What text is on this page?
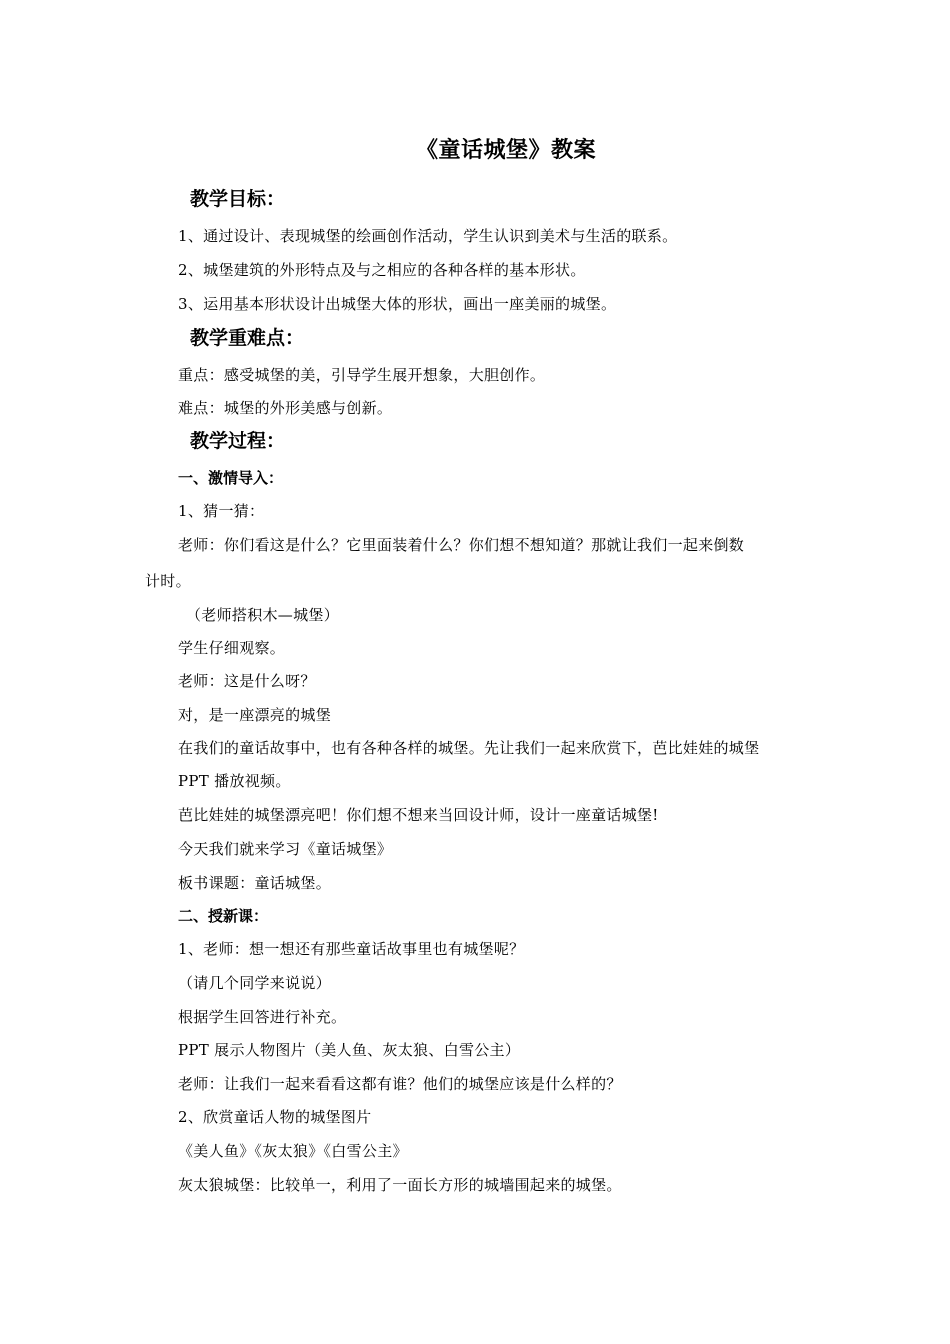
《童话城堡》教案
教学目标：
1、通过设计、表现城堡的绘画创作活动，学生认识到美术与生活的联系。
2、城堡建筑的外形特点及与之相应的各种各样的基本形状。
3、运用基本形状设计出城堡大体的形状，画出一座美丽的城堡。
教学重难点：
重点：感受城堡的美，引导学生展开想象，大胆创作。
难点：城堡的外形美感与创新。
教学过程：
一、激情导入：
1、猜一猜：
老师：你们看这是什么？它里面装着什么？你们想不想知道？那就让我们一起来倒数
计时。
（老师搭积木—城堡）
学生仔细观察。
老师：这是什么呀？
对，是一座漂亮的城堡
在我们的童话故事中，也有各种各样的城堡。先让我们一起来欣赏下，芭比娃娃的城堡
PPT 播放视频。
芭比娃娃的城堡漂亮吧！你们想不想来当回设计师，设计一座童话城堡!
今天我们就来学习《童话城堡》
板书课题：童话城堡。
二、授新课：
1、老师：想一想还有那些童话故事里也有城堡呢？
（请几个同学来说说）
根据学生回答进行补充。
PPT 展示人物图片（美人鱼、灰太狼、白雪公主）
老师：让我们一起来看看这都有谁？他们的城堡应该是什么样的？
2、欣赏童话人物的城堡图片
《美人鱼》《灰太狼》《白雪公主》
灰太狼城堡：比较单一，利用了一面长方形的城墙围起来的城堡。
